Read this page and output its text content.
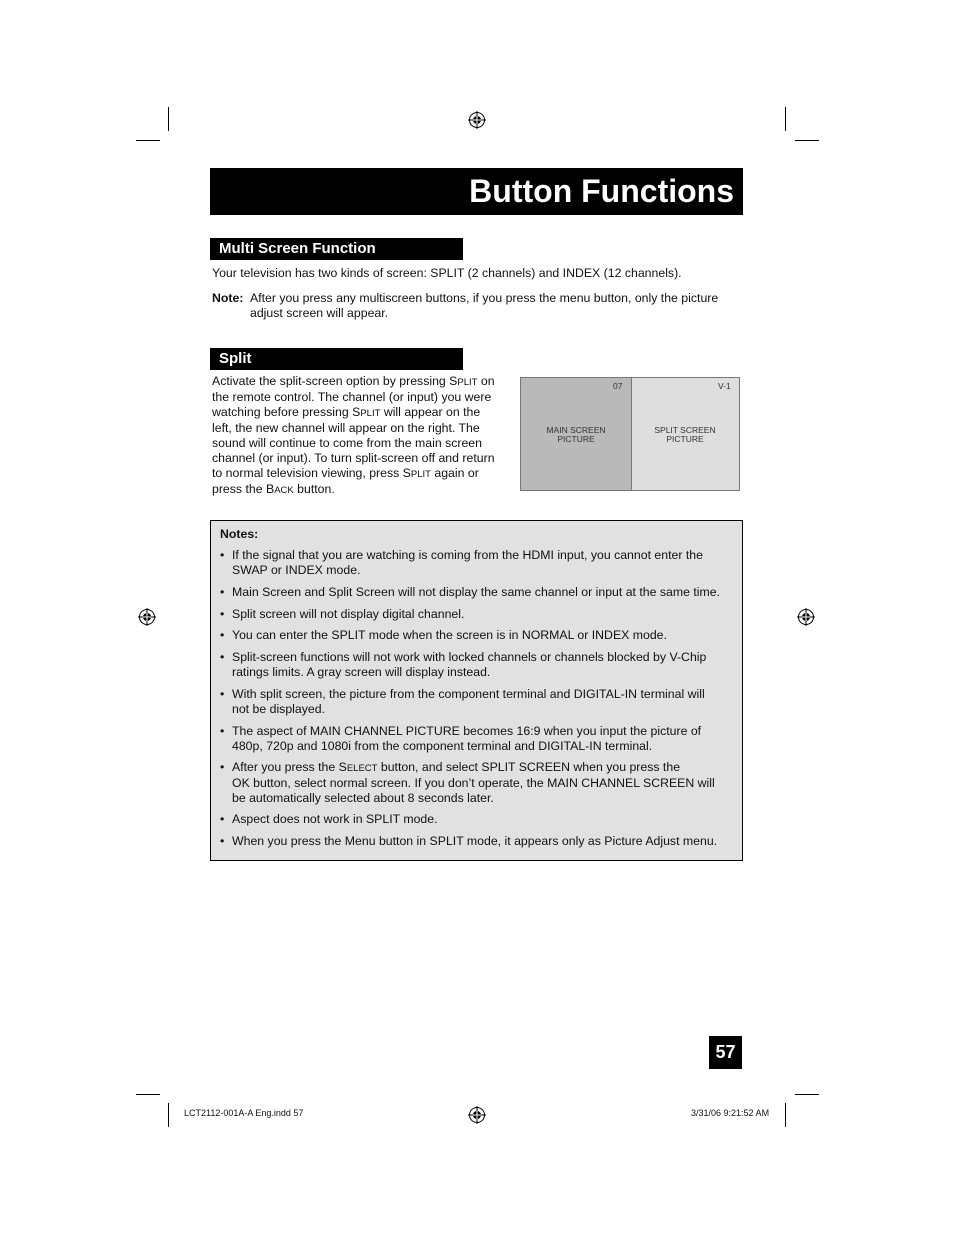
Button Functions
Multi Screen Function
Your television has two kinds of screen: SPLIT (2 channels) and INDEX (12 channels).
Note: After you press any multiscreen buttons, if you press the menu button, only the picture
adjust screen will appear.
Split
Activate the split-screen option by pressing SPLIT on
the remote control. The channel (or input) you were
watching before pressing SPLIT will appear on the
left, the new channel will appear on the right. The
sound will continue to come from the main screen
channel (or input). To turn split-screen off and return
to normal television viewing, press SPLIT again or
press the BACK button.
07	V-1
MAIN SCREEN
PICTURE
SPLIT SCREEN
PICTURE
Notes:
• If the signal that you are watching is coming from the HDMI input, you cannot enter the
SWAP or INDEX mode.
• Main Screen and Split Screen will not display the same channel or input at the same time.
• Split screen will not display digital channel.
• You can enter the SPLIT mode when the screen is in NORMAL or INDEX mode.
• Split-screen functions will not work with locked channels or channels blocked by V-Chip
ratings limits. A gray screen will display instead.
• With split screen, the picture from the component terminal and DIGITAL-IN terminal will
not be displayed.
• The aspect of MAIN CHANNEL PICTURE becomes 16:9 when you input the picture of
480p, 720p and 1080i from the component terminal and DIGITAL-IN terminal.
• After you press the SELECT button, and select SPLIT SCREEN when you press the
OK button, select normal screen. If you don’t operate, the MAIN CHANNEL SCREEN will
be automatically selected about 8 seconds later.
• Aspect does not work in SPLIT mode.
• When you press the Menu button in SPLIT mode, it appears only as Picture Adjust menu.
57
LCT2112-001A-A Eng.indd 57	3/31/06 9:21:52 AM
